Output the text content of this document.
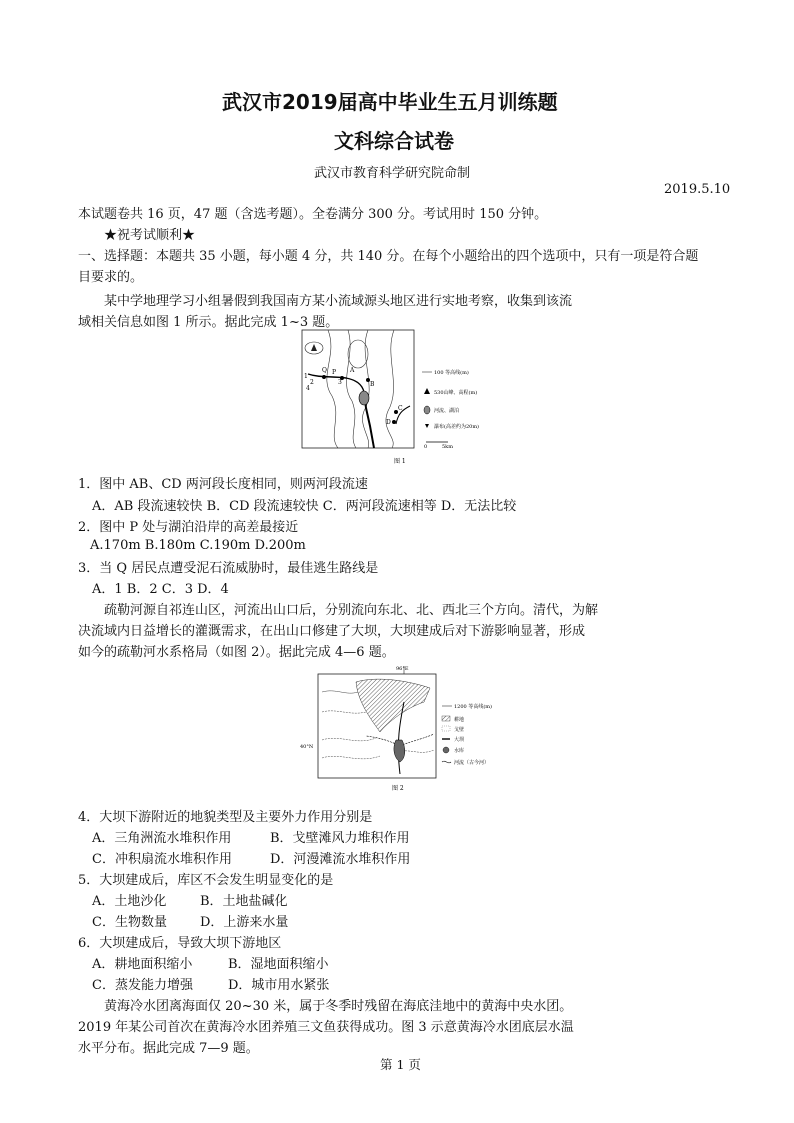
武汉市2019届高中毕业生五月训练题
文科综合试卷
武汉市教育科学研究院命制
2019.5.10
本试题卷共 16 页，47 题（含选考题）。全卷满分 300 分。考试用时 150 分钟。
★祝考试顺利★
一、选择题：本题共 35 小题，每小题 4 分，共 140 分。在每个小题给出的四个选项中，只有一项是符合题
目要求的。
某中学地理学习小组暑假到我国南方某小流域源头地区进行实地考察，收集到该流
域相关信息如图 1 所示。据此完成 1~3 题。
Q P
B
A
C
D
1
2	3
4
100 等高线(m)
530山峰、高程(m)
河流、湖泊
瀑布(高差约为20m)
0	5km
图 1
1．图中 AB、CD 两河段长度相同，则两河段流速
A．AB 段流速较快 B．CD 段流速较快 C．两河段流速相等 D．无法比较
2．图中 P 处与湖泊沿岸的高差最接近
A.170m B.180m C.190m D.200m
3．当 Q 居民点遭受泥石流威胁时，最佳逃生路线是
A．1 B．2 C．3 D．4
疏勒河源自祁连山区，河流出山口后，分别流向东北、北、西北三个方向。清代，为解
决流域内日益增长的灌溉需求，在出山口修建了大坝，大坝建成后对下游影响显著，形成
如今的疏勒河水系格局（如图 2）。据此完成 4—6 题。
96°E
40°N
1200 等高线(m)
耕地
戈壁
大坝
水库
河流（古今河）
图 2
4．大坝下游附近的地貌类型及主要外力作用分别是
A．三角洲流水堆积作用	B．戈壁滩风力堆积作用
C．冲积扇流水堆积作用	D．河漫滩流水堆积作用
5．大坝建成后，库区不会发生明显变化的是
A．土地沙化	B．土地盐碱化
C．生物数量	D．上游来水量
6．大坝建成后，导致大坝下游地区
A．耕地面积缩小	B．湿地面积缩小
C．蒸发能力增强	D．城市用水紧张
黄海冷水团离海面仅 20~30 米，属于冬季时残留在海底洼地中的黄海中央水团。
2019 年某公司首次在黄海冷水团养殖三文鱼获得成功。图 3 示意黄海冷水团底层水温
水平分布。据此完成 7—9 题。
第 1 页
